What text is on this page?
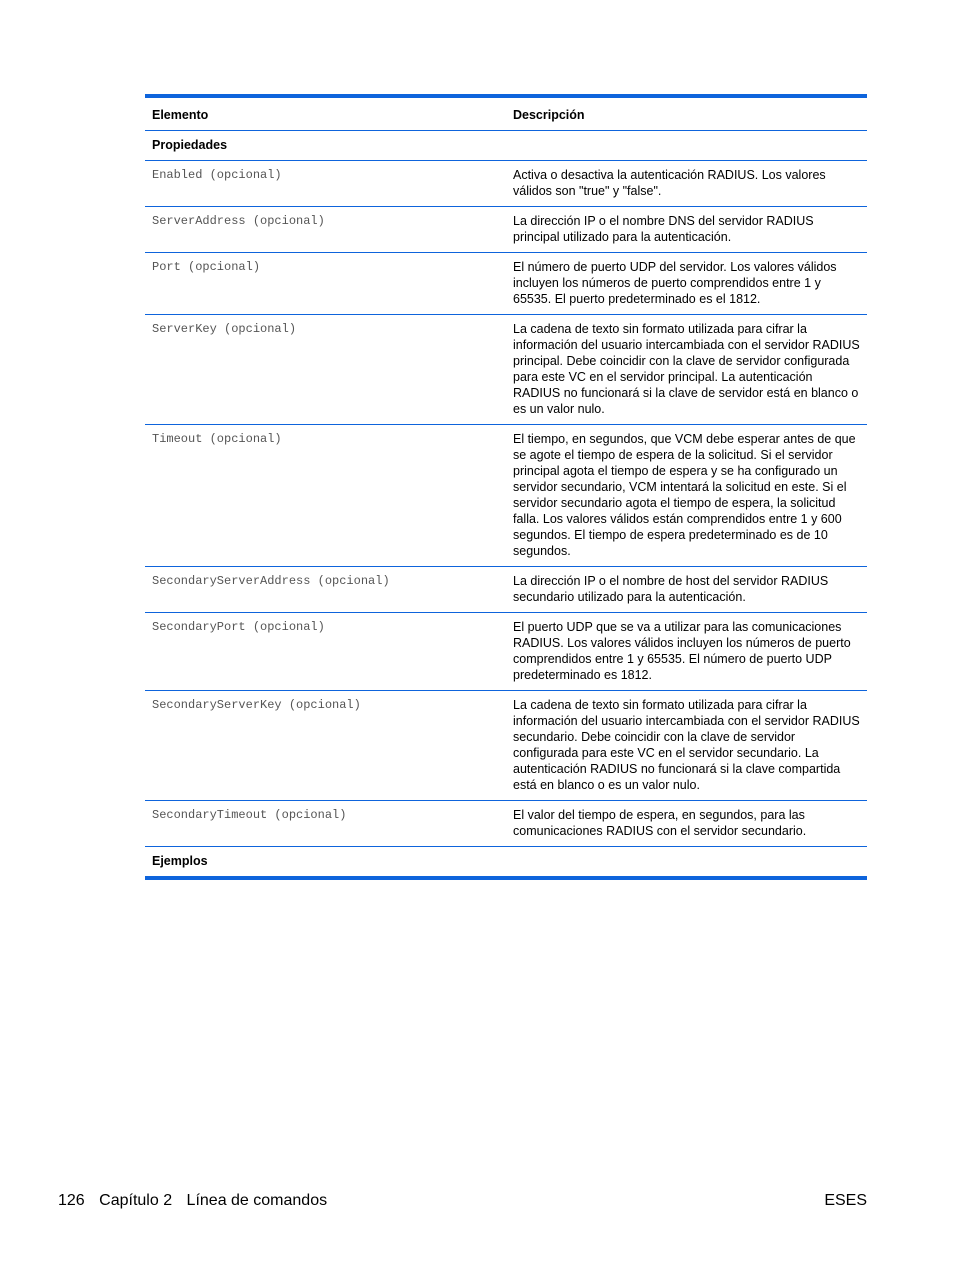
Elemento	Descripción
Propiedades	
Enabled (opcional)	Activa o desactiva la autenticación RADIUS. Los valores válidos son "true" y "false".
ServerAddress (opcional)	La dirección IP o el nombre DNS del servidor RADIUS principal utilizado para la autenticación.
Port (opcional)	El número de puerto UDP del servidor. Los valores válidos incluyen los números de puerto comprendidos entre 1 y 65535. El puerto predeterminado es el 1812.
ServerKey (opcional)	La cadena de texto sin formato utilizada para cifrar la información del usuario intercambiada con el servidor RADIUS principal. Debe coincidir con la clave de servidor configurada para este VC en el servidor principal. La autenticación RADIUS no funcionará si la clave de servidor está en blanco o es un valor nulo.
Timeout (opcional)	El tiempo, en segundos, que VCM debe esperar antes de que se agote el tiempo de espera de la solicitud. Si el servidor principal agota el tiempo de espera y se ha configurado un servidor secundario, VCM intentará la solicitud en este. Si el servidor secundario agota el tiempo de espera, la solicitud falla. Los valores válidos están comprendidos entre 1 y 600 segundos. El tiempo de espera predeterminado es de 10 segundos.
SecondaryServerAddress (opcional)	La dirección IP o el nombre de host del servidor RADIUS secundario utilizado para la autenticación.
SecondaryPort (opcional)	El puerto UDP que se va a utilizar para las comunicaciones RADIUS. Los valores válidos incluyen los números de puerto comprendidos entre 1 y 65535. El número de puerto UDP predeterminado es 1812.
SecondaryServerKey (opcional)	La cadena de texto sin formato utilizada para cifrar la información del usuario intercambiada con el servidor RADIUS secundario. Debe coincidir con la clave de servidor configurada para este VC en el servidor secundario. La autenticación RADIUS no funcionará si la clave compartida está en blanco o es un valor nulo.
SecondaryTimeout (opcional)	El valor del tiempo de espera, en segundos, para las comunicaciones RADIUS con el servidor secundario.
Ejemplos	
126 Capítulo 2 Línea de comandos	ESES
